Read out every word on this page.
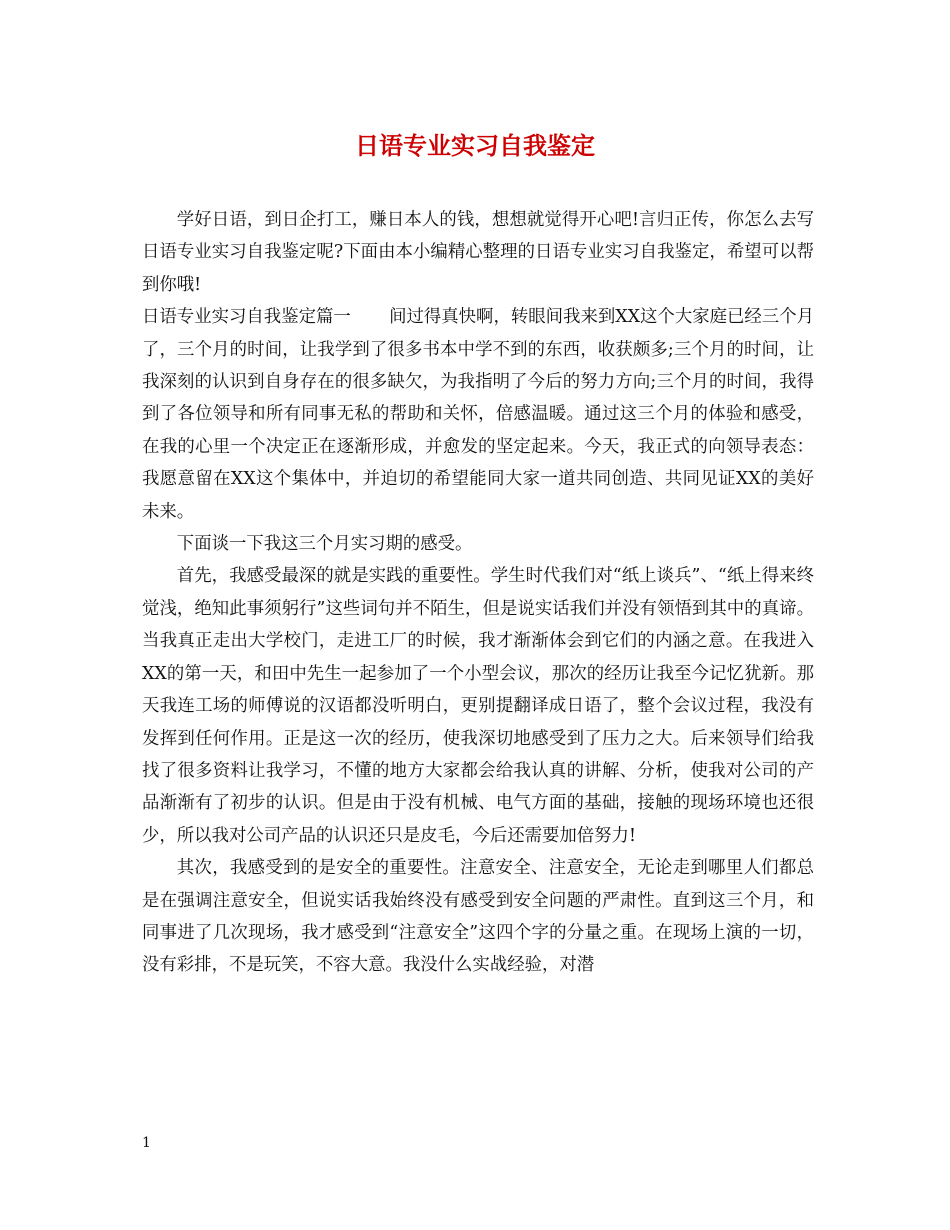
日语专业实习自我鉴定

学好日语，到日企打工，赚日本人的钱，想想就觉得开心吧!言归正传，你怎么去写日语专业实习自我鉴定呢?下面由本小编精心整理的日语专业实习自我鉴定，希望可以帮到你哦!

日语专业实习自我鉴定篇一 间过得真快啊，转眼间我来到XX这个大家庭已经三个月了，三个月的时间，让我学到了很多书本中学不到的东西，收获颇多;三个月的时间，让我深刻的认识到自身存在的很多缺欠，为我指明了今后的努力方向;三个月的时间，我得到了各位领导和所有同事无私的帮助和关怀，倍感温暖。通过这三个月的体验和感受，在我的心里一个决定正在逐渐形成，并愈发的坚定起来。今天，我正式的向领导表态：我愿意留在XX这个集体中，并迫切的希望能同大家一道共同创造、共同见证XX的美好未来。

下面谈一下我这三个月实习期的感受。

首先，我感受最深的就是实践的重要性。学生时代我们对“纸上谈兵”、“纸上得来终觉浅，绝知此事须躬行”这些词句并不陌生，但是说实话我们并没有领悟到其中的真谛。当我真正走出大学校门，走进工厂的时候，我才渐渐体会到它们的内涵之意。在我进入XX的第一天，和田中先生一起参加了一个小型会议，那次的经历让我至今记忆犹新。那天我连工场的师傅说的汉语都没听明白，更别提翻译成日语了，整个会议过程，我没有发挥到任何作用。正是这一次的经历，使我深切地感受到了压力之大。后来领导们给我找了很多资料让我学习，不懂的地方大家都会给我认真的讲解、分析，使我对公司的产品渐渐有了初步的认识。但是由于没有机械、电气方面的基础，接触的现场环境也还很少，所以我对公司产品的认识还只是皮毛，今后还需要加倍努力!

其次，我感受到的是安全的重要性。注意安全、注意安全，无论走到哪里人们都总是在强调注意安全，但说实话我始终没有感受到安全问题的严肃性。直到这三个月，和同事进了几次现场，我才感受到“注意安全”这四个字的分量之重。在现场上演的一切，没有彩排，不是玩笑，不容大意。我没什么实战经验，对潜

1
